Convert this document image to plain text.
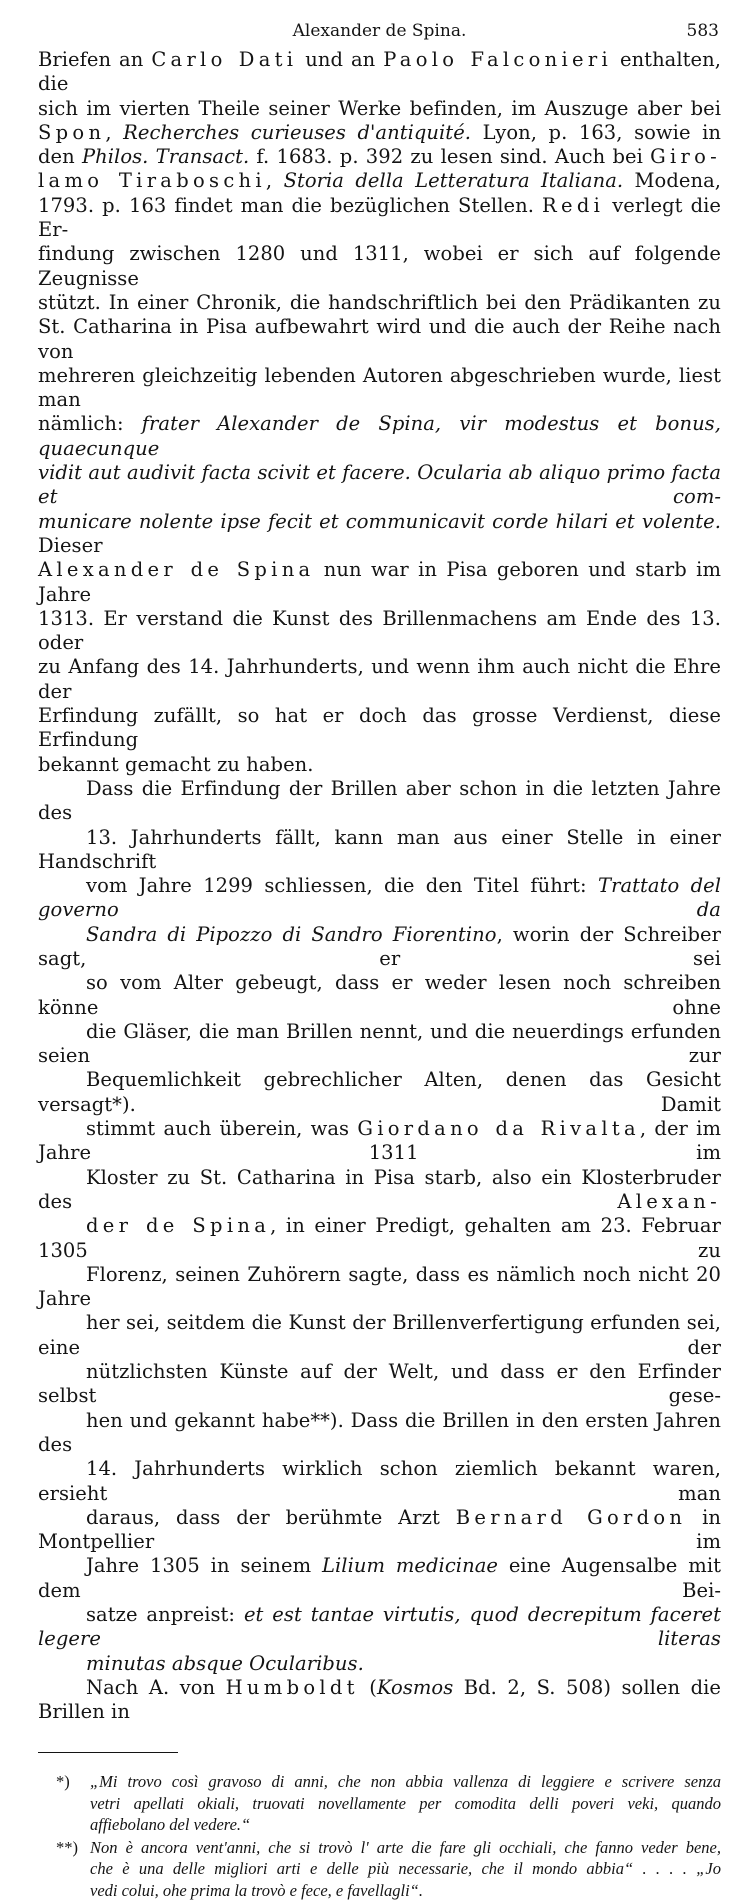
Alexander de Spina.	583

Briefen an Carlo Dati und an Paolo Falconieri enthalten, die
sich im vierten Theile seiner Werke befinden, im Auszuge aber bei
Spon, Recherches curieuses d'antiquité. Lyon, p. 163, sowie in
den Philos. Transact. f. 1683. p. 392 zu lesen sind. Auch bei Giro-
lamo Tiraboschi, Storia della Letteratura Italiana. Modena,
1793. p. 163 findet man die bezüglichen Stellen. Redi verlegt die Er-
findung zwischen 1280 und 1311, wobei er sich auf folgende Zeugnisse
stützt. In einer Chronik, die handschriftlich bei den Prädikanten zu
St. Catharina in Pisa aufbewahrt wird und die auch der Reihe nach von
mehreren gleichzeitig lebenden Autoren abgeschrieben wurde, liest man
nämlich: frater Alexander de Spina, vir modestus et bonus, quaecunque
vidit aut audivit facta scivit et facere. Ocularia ab aliquo primo facta et com-
municare nolente ipse fecit et communicavit corde hilari et volente. Dieser
Alexander de Spina nun war in Pisa geboren und starb im Jahre
1313. Er verstand die Kunst des Brillenmachens am Ende des 13. oder
zu Anfang des 14. Jahrhunderts, und wenn ihm auch nicht die Ehre der
Erfindung zufällt, so hat er doch das grosse Verdienst, diese Erfindung
bekannt gemacht zu haben.

Dass die Erfindung der Brillen aber schon in die letzten Jahre des
13. Jahrhunderts fällt, kann man aus einer Stelle in einer Handschrift
vom Jahre 1299 schliessen, die den Titel führt: Trattato del governo da
Sandra di Pipozzo di Sandro Fiorentino, worin der Schreiber sagt, er sei
so vom Alter gebeugt, dass er weder lesen noch schreiben könne ohne
die Gläser, die man Brillen nennt, und die neuerdings erfunden seien zur
Bequemlichkeit gebrechlicher Alten, denen das Gesicht versagt*). Damit
stimmt auch überein, was Giordano da Rivalta, der im Jahre 1311 im
Kloster zu St. Catharina in Pisa starb, also ein Klosterbruder des Alexan-
der de Spina, in einer Predigt, gehalten am 23. Februar 1305 zu
Florenz, seinen Zuhörern sagte, dass es nämlich noch nicht 20 Jahre
her sei, seitdem die Kunst der Brillenverfertigung erfunden sei, eine der
nützlichsten Künste auf der Welt, und dass er den Erfinder selbst gese-
hen und gekannt habe**). Dass die Brillen in den ersten Jahren des
14. Jahrhunderts wirklich schon ziemlich bekannt waren, ersieht man
daraus, dass der berühmte Arzt Bernard Gordon in Montpellier im
Jahre 1305 in seinem Lilium medicinae eine Augensalbe mit dem Bei-
satze anpreist: et est tantae virtutis, quod decrepitum faceret legere literas
minutas absque Ocularibus.

Nach A. von Humboldt (Kosmos Bd. 2, S. 508) sollen die Brillen in

*) „Mi trovo così gravoso di anni, che non abbia vallenza di leggiere e scrivere senza
vetri apellati okiali, truovati novellamente per comodita delli poveri veki, quando
affiebolano del vedere.“
**) Non è ancora vent'anni, che si trovò l' arte die fare gli occhiali, che fanno veder bene,
che è una delle migliori arti e delle più necessarie, che il mondo abbia“ . . . . „Jo
vedi colui, ohe prima la trovò e fece, e favellagli“.
